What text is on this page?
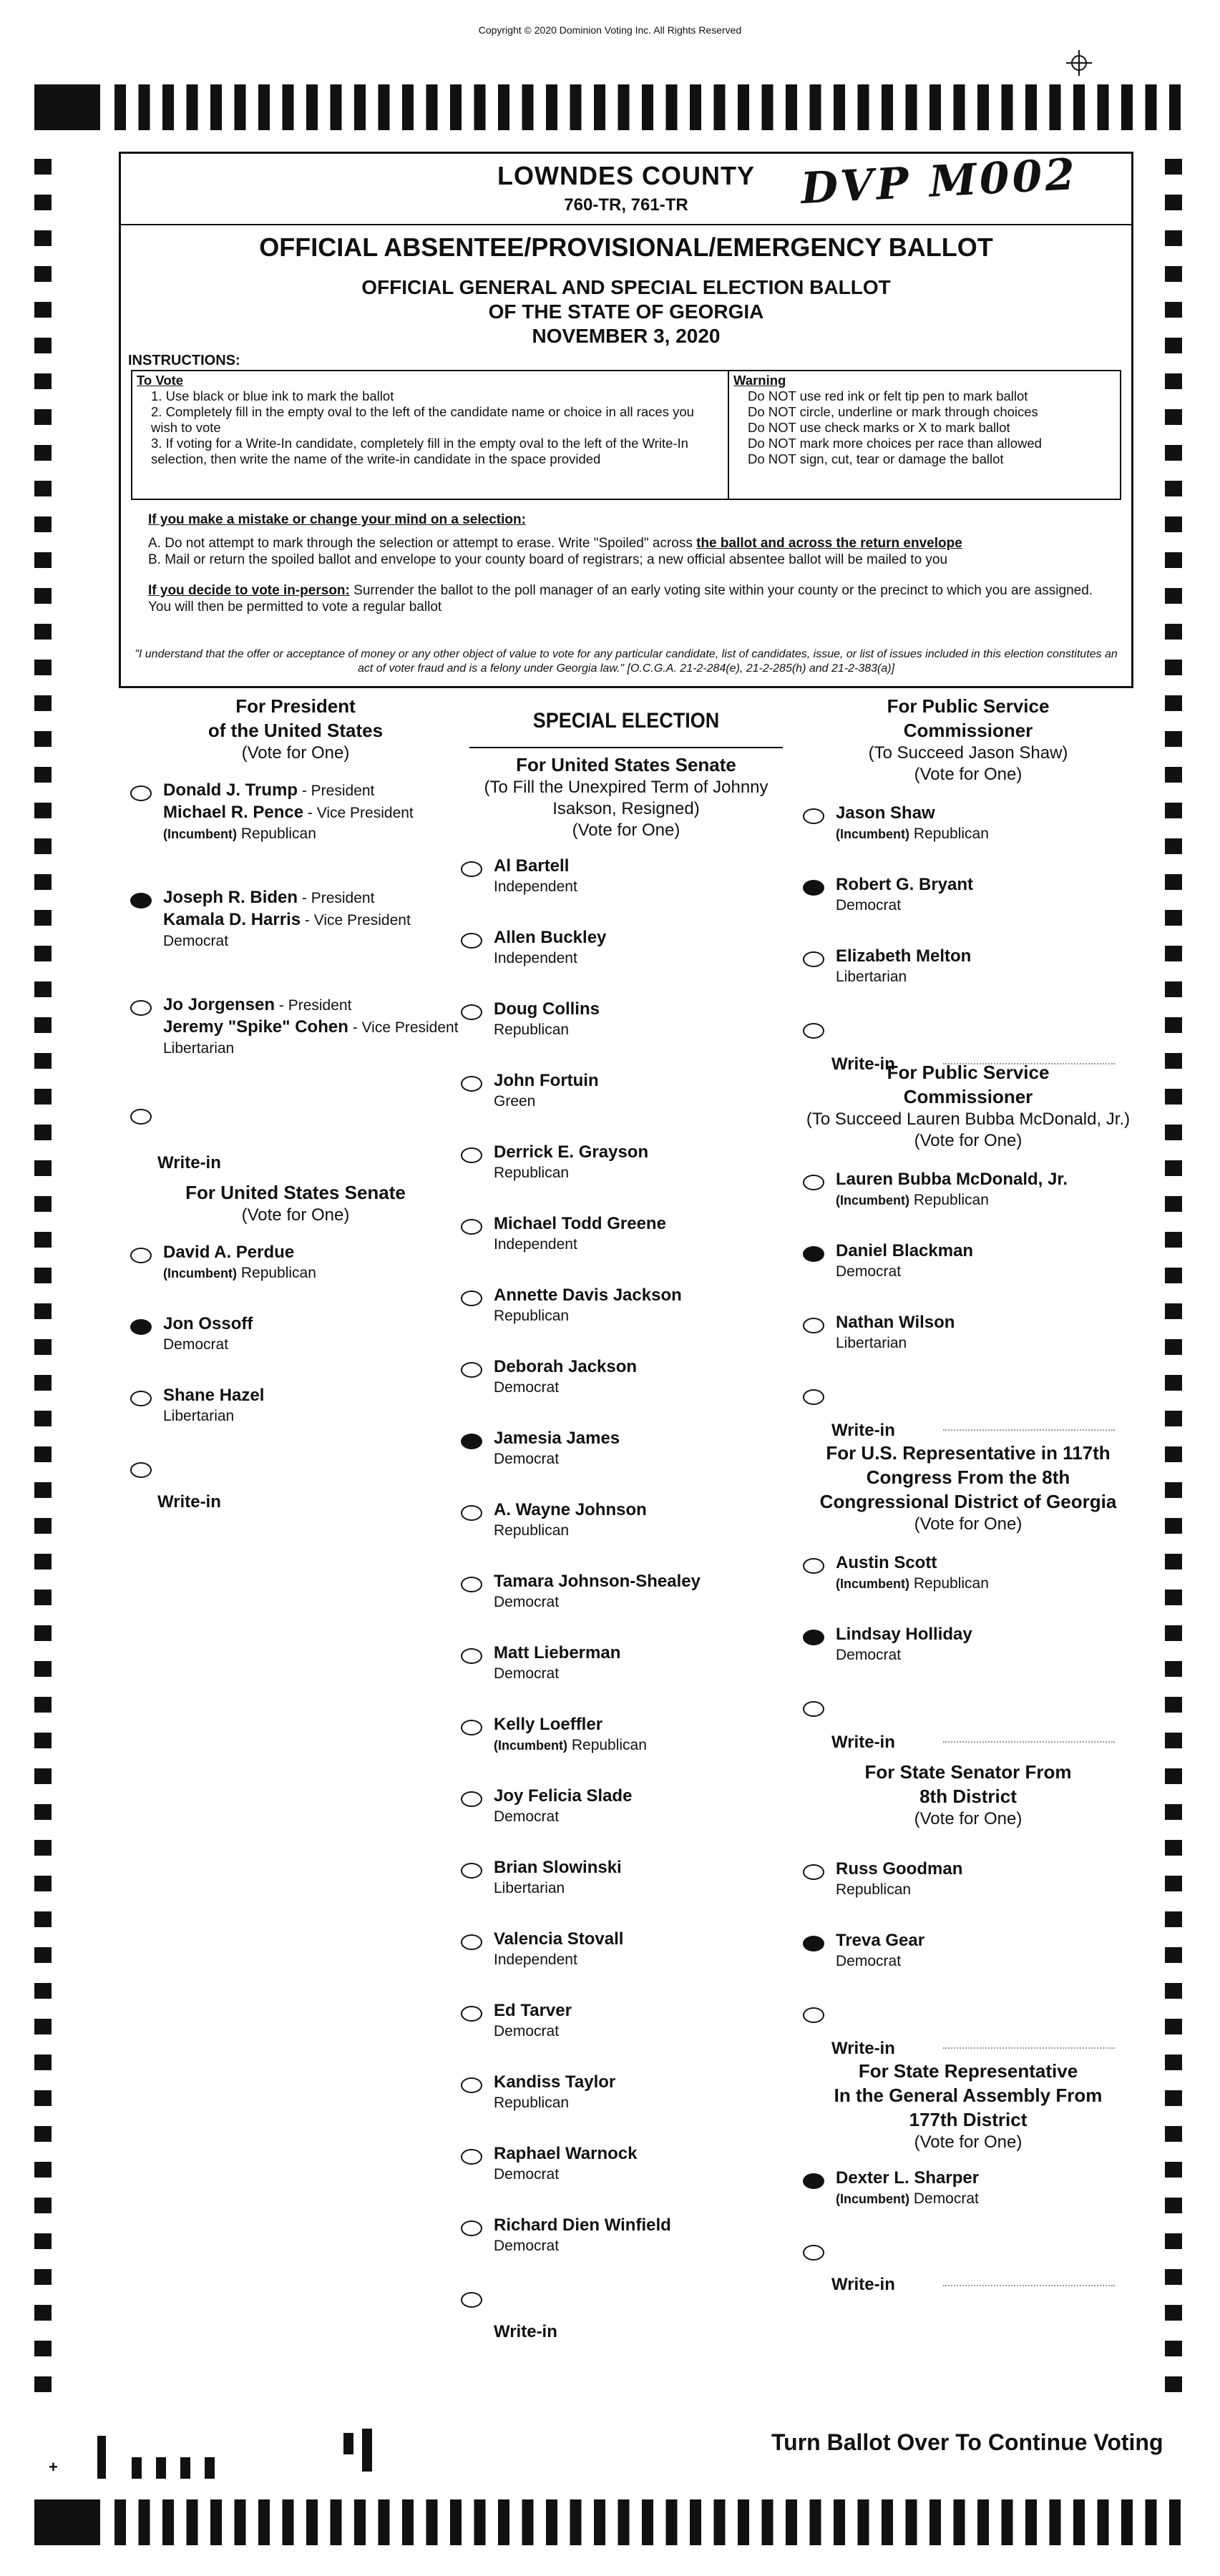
Copyright © 2020 Dominion Voting Inc. All Rights Reserved
LOWNDES COUNTY
760-TR, 761-TR	DVP M002
OFFICIAL ABSENTEE/PROVISIONAL/EMERGENCY BALLOT
OFFICIAL GENERAL AND SPECIAL ELECTION BALLOT
OF THE STATE OF GEORGIA
NOVEMBER 3, 2020
INSTRUCTIONS:
To Vote
1. Use black or blue ink to mark the ballot
2. Completely fill in the empty oval to the left of the candidate name or choice in all races you wish to vote
3. If voting for a Write-In candidate, completely fill in the empty oval to the left of the Write-In selection, then write the name of the write-in candidate in the space provided
Warning
Do NOT use red ink or felt tip pen to mark ballot
Do NOT circle, underline or mark through choices
Do NOT use check marks or X to mark ballot
Do NOT mark more choices per race than allowed
Do NOT sign, cut, tear or damage the ballot

If you make a mistake or change your mind on a selection:

A. Do not attempt to mark through the selection or attempt to erase. Write "Spoiled" across the ballot and across the return envelope

B. Mail or return the spoiled ballot and envelope to your county board of registrars; a new official absentee ballot will be mailed to you

If you decide to vote in-person: Surrender the ballot to the poll manager of an early voting site within your county or the precinct to which you are assigned. You will then be permitted to vote a regular ballot

"I understand that the offer or acceptance of money or any other object of value to vote for any particular candidate, list of candidates, issue, or list of issues included in this election constitutes an act of voter fraud and is a felony under Georgia law." [O.C.G.A. 21-2-284(e), 21-2-285(h) and 21-2-383(a)]
For President
of the United States
(Vote for One)
Donald J. Trump - President
Michael R. Pence - Vice President
(Incumbent) Republican
Joseph R. Biden - President
Kamala D. Harris - Vice President
Democrat
Jo Jorgensen - President
Jeremy "Spike" Cohen - Vice President
Libertarian
Write-in
For United States Senate
(Vote for One)
David A. Perdue
(Incumbent) Republican
Jon Ossoff
Democrat
Shane Hazel
Libertarian
Write-in
SPECIAL ELECTION
For United States Senate
(To Fill the Unexpired Term of Johnny Isakson, Resigned)
(Vote for One)
Al Bartell
Independent
Allen Buckley
Independent
Doug Collins
Republican
John Fortuin
Green
Derrick E. Grayson
Republican
Michael Todd Greene
Independent
Annette Davis Jackson
Republican
Deborah Jackson
Democrat
Jamesia James
Democrat
A. Wayne Johnson
Republican
Tamara Johnson-Shealey
Democrat
Matt Lieberman
Democrat
Kelly Loeffler
(Incumbent) Republican
Joy Felicia Slade
Democrat
Brian Slowinski
Libertarian
Valencia Stovall
Independent
Ed Tarver
Democrat
Kandiss Taylor
Republican
Raphael Warnock
Democrat
Richard Dien Winfield
Democrat
Write-in
For Public Service
Commissioner
(To Succeed Jason Shaw)
(Vote for One)
Jason Shaw
(Incumbent) Republican
Robert G. Bryant
Democrat
Elizabeth Melton
Libertarian
Write-in
For Public Service
Commissioner
(To Succeed Lauren Bubba McDonald, Jr.)
(Vote for One)
Lauren Bubba McDonald, Jr.
(Incumbent) Republican
Daniel Blackman
Democrat
Nathan Wilson
Libertarian
Write-in
For U.S. Representative in 117th
Congress From the 8th
Congressional District of Georgia
(Vote for One)
Austin Scott
(Incumbent) Republican
Lindsay Holliday
Democrat
Write-in
For State Senator From
8th District
(Vote for One)
Russ Goodman
Republican
Treva Gear
Democrat
Write-in
For State Representative
In the General Assembly From
177th District
(Vote for One)
Dexter L. Sharper
(Incumbent) Democrat
Write-in
+
Turn Ballot Over To Continue Voting
